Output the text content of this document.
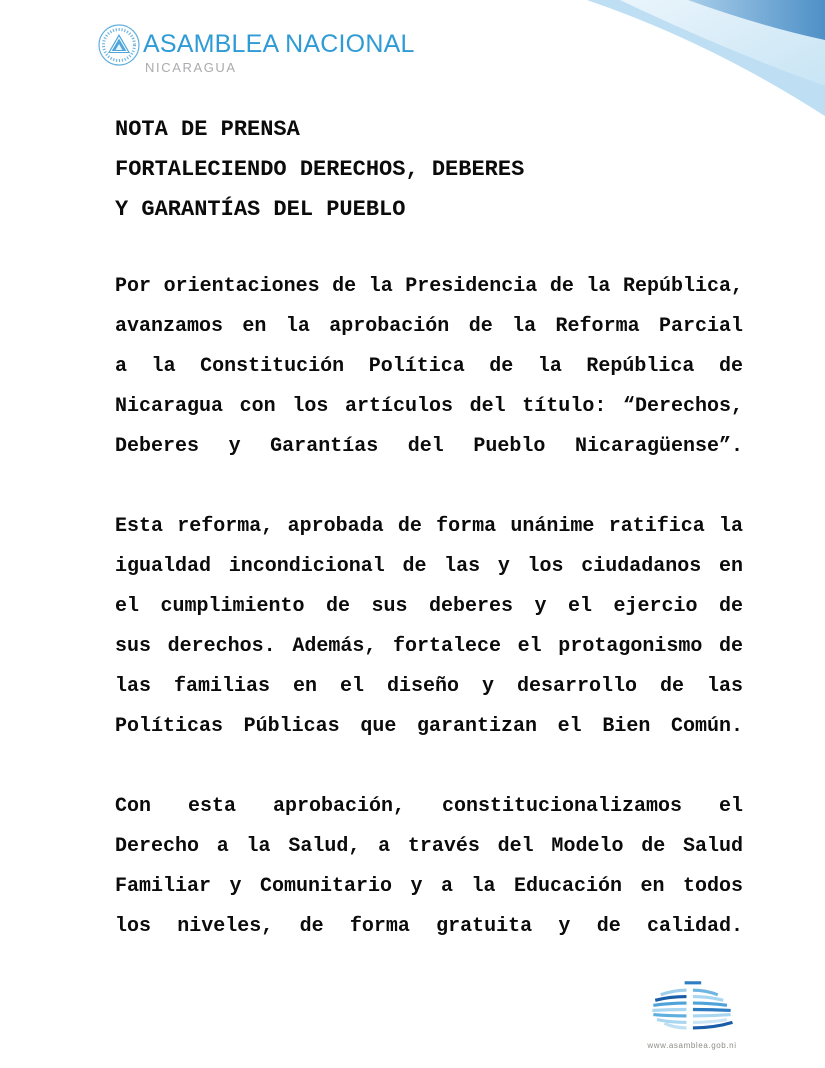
ASAMBLEA NACIONAL
NICARAGUA
NOTA DE PRENSA
FORTALECIENDO DERECHOS, DEBERES
Y GARANTÍAS DEL PUEBLO
Por orientaciones de la Presidencia de la República,
avanzamos en la aprobación de la Reforma Parcial
a la Constitución Política de la República de
Nicaragua con los artículos del título: “Derechos,
Deberes y Garantías del Pueblo Nicaragüense”.
Esta reforma, aprobada de forma unánime ratifica la
igualdad incondicional de las y los ciudadanos en
el cumplimiento de sus deberes y el ejercio de
sus derechos. Además, fortalece el protagonismo de
las familias en el diseño y desarrollo de las
Políticas Públicas que garantizan el Bien Común.
Con esta aprobación, constitucionalizamos el
Derecho a la Salud, a través del Modelo de Salud
Familiar y Comunitario y a la Educación en todos
los niveles, de forma gratuita y de calidad.
www.asamblea.gob.ni
